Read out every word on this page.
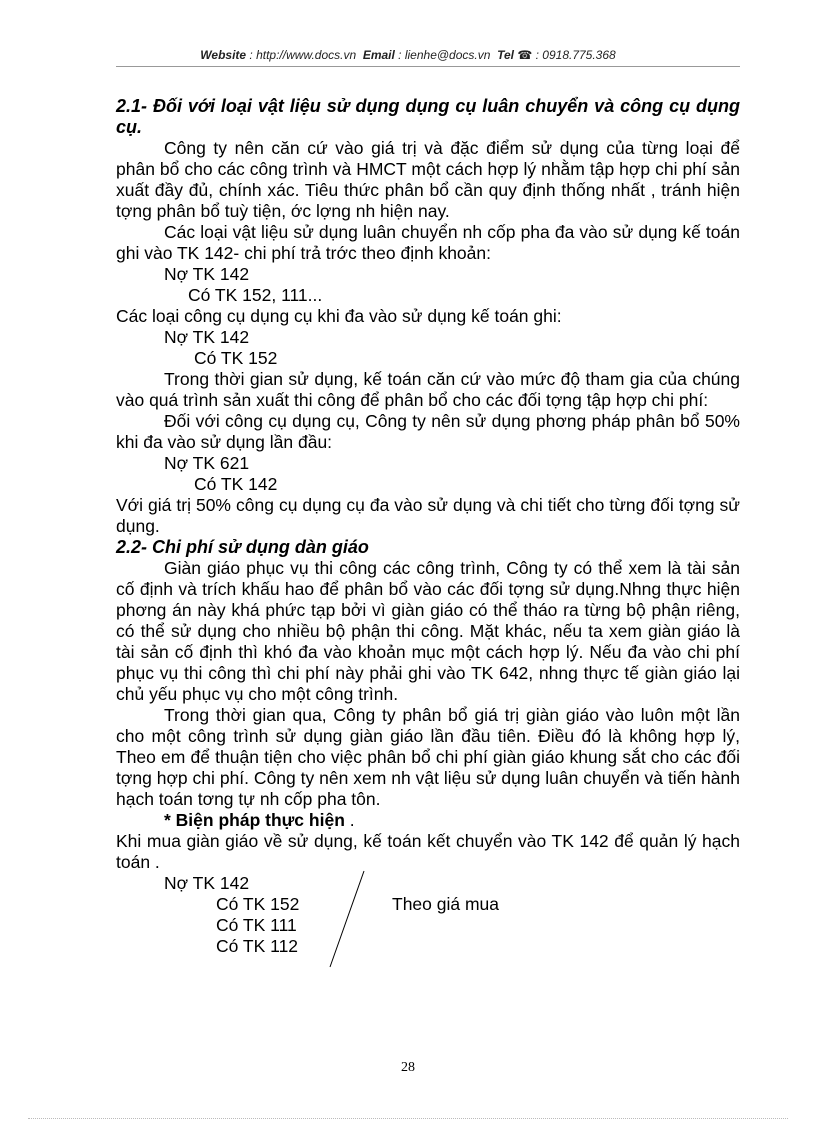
Website : http://www.docs.vn Email : lienhe@docs.vn Tel ☎ : 0918.775.368
2.1- Đối với loại vật liệu sử dụng dụng cụ luân chuyển và công cụ dụng cụ.

Công ty nên căn cứ vào giá trị và đặc điểm sử dụng của từng loại để phân bổ cho các công trình và HMCT một cách hợp lý nhằm tập hợp chi phí sản xuất đầy đủ, chính xác. Tiêu thức phân bổ cần quy định thống nhất , tránh hiện tợng phân bổ tuỳ tiện, ớc lợng nh hiện nay.

Các loại vật liệu sử dụng luân chuyển nh cốp pha đa vào sử dụng kế toán ghi vào TK 142- chi phí trả trớc theo định khoản:

Nợ TK 142
Có TK 152, 111...

Các loại công cụ dụng cụ khi đa vào sử dụng kế toán ghi:

Nợ TK 142
Có TK 152

Trong thời gian sử dụng, kế toán căn cứ vào mức độ tham gia của chúng vào quá trình sản xuất thi công để phân bổ cho các đối tợng tập hợp chi phí:

Đối với công cụ dụng cụ, Công ty nên sử dụng phơng pháp phân bổ 50% khi đa vào sử dụng lần đầu:

Nợ TK 621
Có TK 142

Với giá trị 50% công cụ dụng cụ đa vào sử dụng và chi tiết cho từng đối tợng sử dụng.

2.2- Chi phí sử dụng dàn giáo

Giàn giáo phục vụ thi công các công trình, Công ty có thể xem là tài sản cố định và trích khấu hao để phân bổ vào các đối tợng sử dụng.Nhng thực hiện phơng án này khá phức tạp bởi vì giàn giáo có thể tháo ra từng bộ phận riêng, có thể sử dụng cho nhiều bộ phận thi công. Mặt khác, nếu ta xem giàn giáo là tài sản cố định thì khó đa vào khoản mục một cách hợp lý. Nếu đa vào chi phí phục vụ thi công thì chi phí này phải ghi vào TK 642, nhng thực tế giàn giáo lại chủ yếu phục vụ cho một công trình.

Trong thời gian qua, Công ty phân bổ giá trị giàn giáo vào luôn một lần cho một công trình sử dụng giàn giáo lần đầu tiên. Điều đó là không hợp lý, Theo em để thuận tiện cho việc phân bổ chi phí giàn giáo khung sắt cho các đối tợng hợp chi phí. Công ty nên xem nh vật liệu sử dụng luân chuyển và tiến hành hạch toán tơng tự nh cốp pha tôn.

* Biện pháp thực hiện .

Khi mua giàn giáo về sử dụng, kế toán kết chuyển vào TK 142 để quản lý hạch toán .

Nợ TK 142
Có TK 152
Có TK 111
Có TK 112
Theo giá mua
28
